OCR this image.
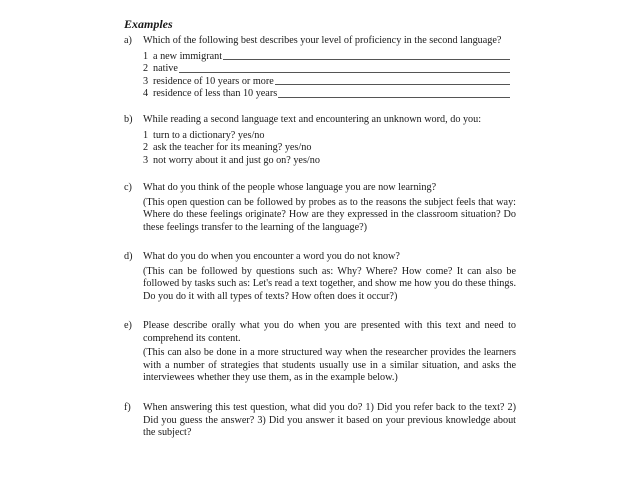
Examples
a)	Which of the following best describes your level of proficiency in the second language?
1 a new immigrant
2 native
3 residence of 10 years or more
4 residence of less than 10 years
b)	While reading a second language text and encountering an unknown word, do you:
1 turn to a dictionary? yes/no
2 ask the teacher for its meaning? yes/no
3 not worry about it and just go on? yes/no
c)	What do you think of the people whose language you are now learning?
(This open question can be followed by probes as to the reasons the subject feels that way: Where do these feelings originate? How are they expressed in the classroom situation? Do these feelings transfer to the learning of the language?)
d)	What do you do when you encounter a word you do not know?
(This can be followed by questions such as: Why? Where? How come? It can also be followed by tasks such as: Let's read a text together, and show me how you do these things. Do you do it with all types of texts? How often does it occur?)
e)	Please describe orally what you do when you are presented with this text and need to comprehend its content.
(This can also be done in a more structured way when the researcher provides the learners with a number of strategies that students usually use in a similar situation, and asks the interviewees whether they use them, as in the example below.)
f)	When answering this test question, what did you do? 1) Did you refer back to the text? 2) Did you guess the answer? 3) Did you answer it based on your previous knowledge about the subject?
